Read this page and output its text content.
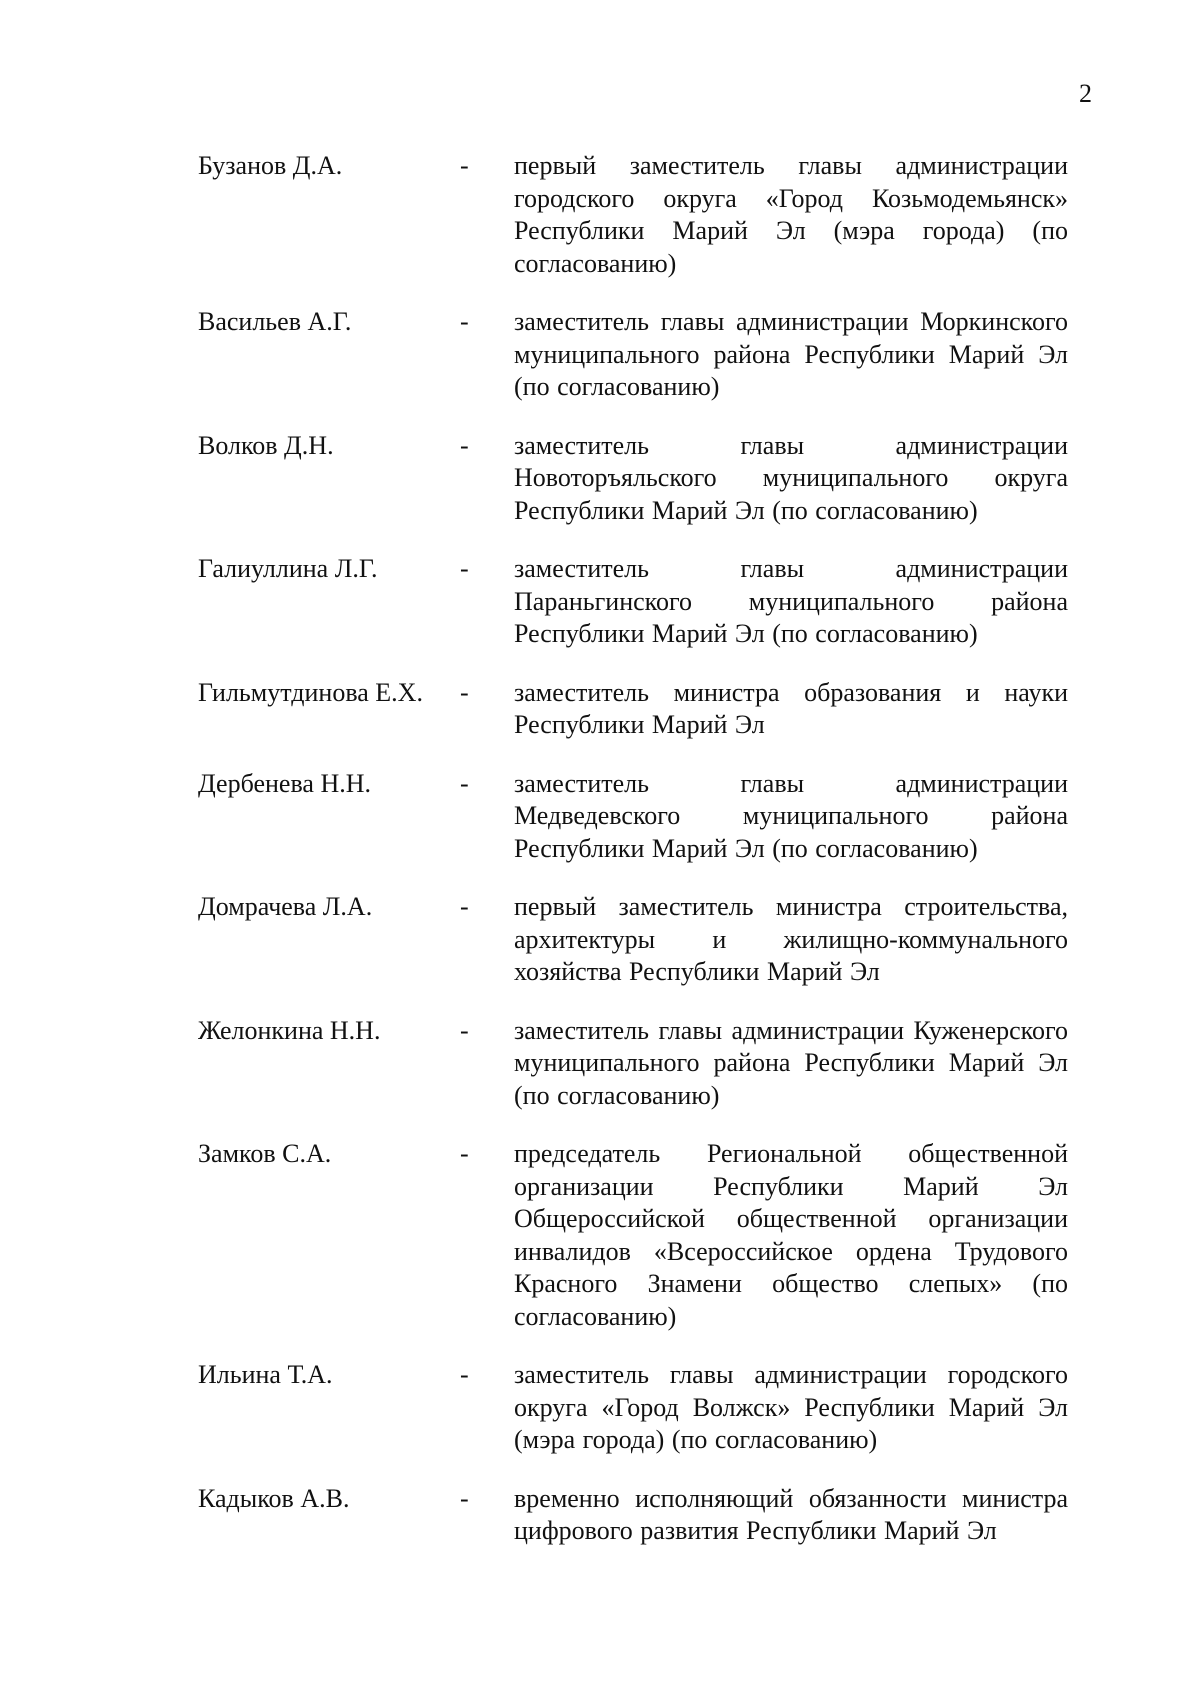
2
Бузанов Д.А.	- первый заместитель главы администрации городского округа «Город Козьмодемьянск» Республики Марий Эл (мэра города) (по согласованию)
Васильев А.Г.	- заместитель главы администрации Моркинского муниципального района Республики Марий Эл (по согласованию)
Волков Д.Н.	- заместитель главы администрации Новоторъяльского муниципального округа Республики Марий Эл (по согласованию)
Галиуллина Л.Г.	- заместитель главы администрации Параньгинского муниципального района Республики Марий Эл (по согласованию)
Гильмутдинова Е.Х. - заместитель министра образования и науки Республики Марий Эл
Дербенева Н.Н.	- заместитель главы администрации Медведевского муниципального района Республики Марий Эл (по согласованию)
Домрачева Л.А.	- первый заместитель министра строительства, архитектуры и жилищно-коммунального хозяйства Республики Марий Эл
Желонкина Н.Н.	- заместитель главы администрации Куженерского муниципального района Республики Марий Эл (по согласованию)
Замков С.А.	- председатель Региональной общественной организации Республики Марий Эл Общероссийской общественной организации инвалидов «Всероссийское ордена Трудового Красного Знамени общество слепых» (по согласованию)
Ильина Т.А.	- заместитель главы администрации городского округа «Город Волжск» Республики Марий Эл (мэра города) (по согласованию)
Кадыков А.В.	- временно исполняющий обязанности министра цифрового развития Республики Марий Эл
